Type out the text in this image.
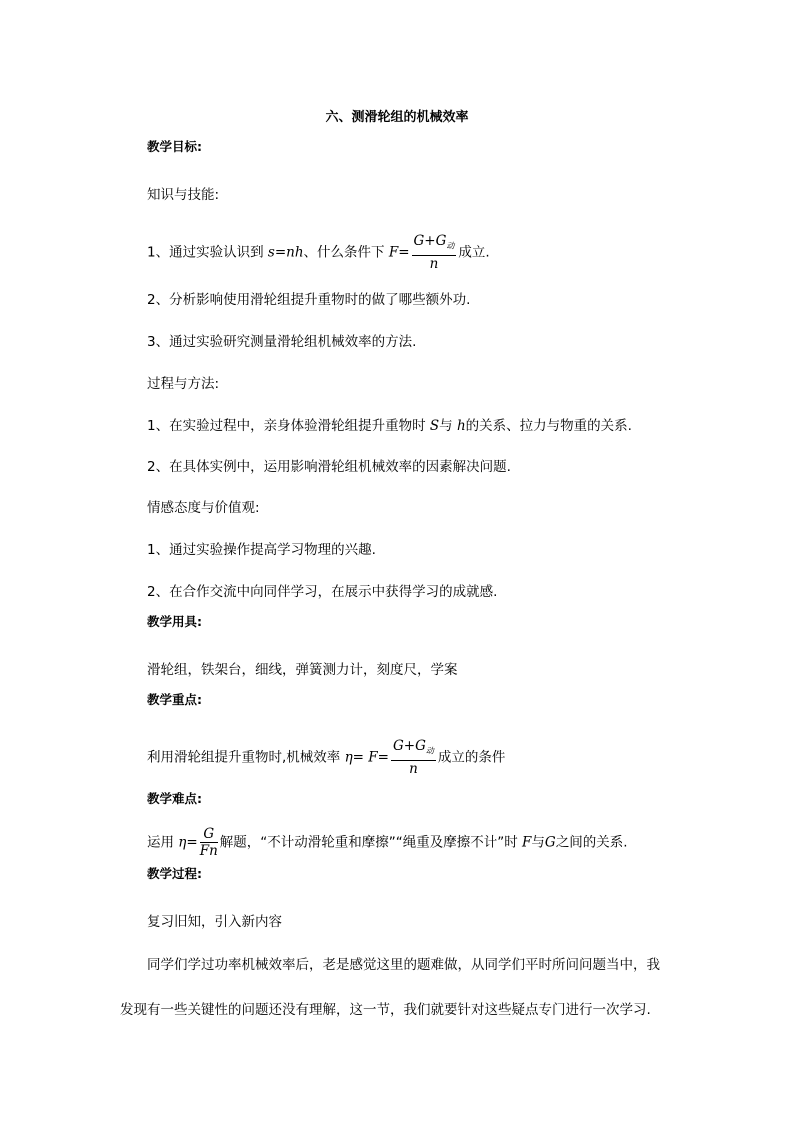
六、测滑轮组的机械效率
教学目标:
知识与技能:
1、通过实验认识到 s=nh、什么条件下 $F= \frac{G+G_动}{n}$ 成立.
2、分析影响使用滑轮组提升重物时的做了哪些额外功.
3、通过实验研究测量滑轮组机械效率的方法.
过程与方法:
1、在实验过程中，亲身体验滑轮组提升重物时 S与 h的关系、拉力与物重的关系.
2、在具体实例中，运用影响滑轮组机械效率的因素解决问题.
情感态度与价值观:
1、通过实验操作提高学习物理的兴趣.
2、在合作交流中向同伴学习，在展示中获得学习的成就感.
教学用具:
滑轮组，铁架台，细线，弹簧测力计，刻度尺，学案
教学重点:
利用滑轮组提升重物时,机械效率 $\eta= F= \frac{G+G_动}{n}$ 成立的条件
教学难点:
运用 $\eta= \frac{G}{Fn}$ 解题，“不计动滑轮重和摩擦”“绳重及摩擦不计”时 F与G之间的关系.
教学过程:
复习旧知，引入新内容
同学们学过功率机械效率后，老是感觉这里的题难做，从同学们平时所问问题当中，我
发现有一些关键性的问题还没有理解，这一节，我们就要针对这些疑点专门进行一次学习.
